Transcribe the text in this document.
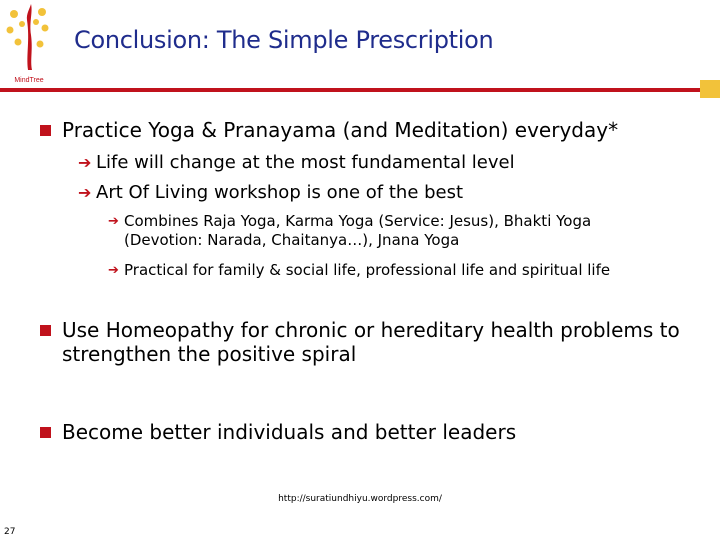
MindTree
Conclusion: The Simple Prescription
Practice Yoga & Pranayama (and Meditation) everyday*
➔ Life will change at the most fundamental level
➔ Art Of Living workshop is one of the best
➔ Combines Raja Yoga, Karma Yoga (Service: Jesus), Bhakti Yoga (Devotion: Narada, Chaitanya…), Jnana Yoga
➔ Practical for family & social life, professional life and spiritual life
Use Homeopathy for chronic or hereditary health problems to strengthen the positive spiral
Become better individuals and better leaders
http://suratiundhiyu.wordpress.com/
27
